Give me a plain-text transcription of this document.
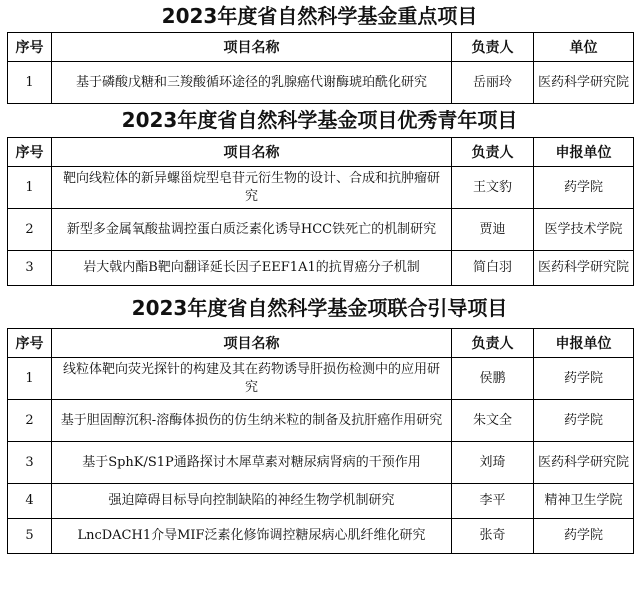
2023年度省自然科学基金重点项目
序号	项目名称	负责人	单位
1	基于磷酸戊糖和三羧酸循环途径的乳腺癌代谢酶琥珀酰化研究	岳丽玲	医药科学研究院
2023年度省自然科学基金项目优秀青年项目
序号	项目名称	负责人	申报单位
1	靶向线粒体的新异螺甾烷型皂苷元衍生物的设计、合成和抗肿瘤研究	王文豹	药学院
2	新型多金属氧酸盐调控蛋白质泛素化诱导HCC铁死亡的机制研究	贾迪	医学技术学院
3	岩大戟内酯B靶向翻译延长因子EEF1A1的抗胃癌分子机制	简白羽	医药科学研究院
2023年度省自然科学基金项联合引导项目
序号	项目名称	负责人	申报单位
1	线粒体靶向荧光探针的构建及其在药物诱导肝损伤检测中的应用研究	侯鹏	药学院
2	基于胆固醇沉积-溶酶体损伤的仿生纳米粒的制备及抗肝癌作用研究	朱文全	药学院
3	基于SphK/S1P通路探讨木犀草素对糖尿病肾病的干预作用	刘琦	医药科学研究院
4	强迫障碍目标导向控制缺陷的神经生物学机制研究	李平	精神卫生学院
5	LncDACH1介导MIF泛素化修饰调控糖尿病心肌纤维化研究	张奇	药学院
